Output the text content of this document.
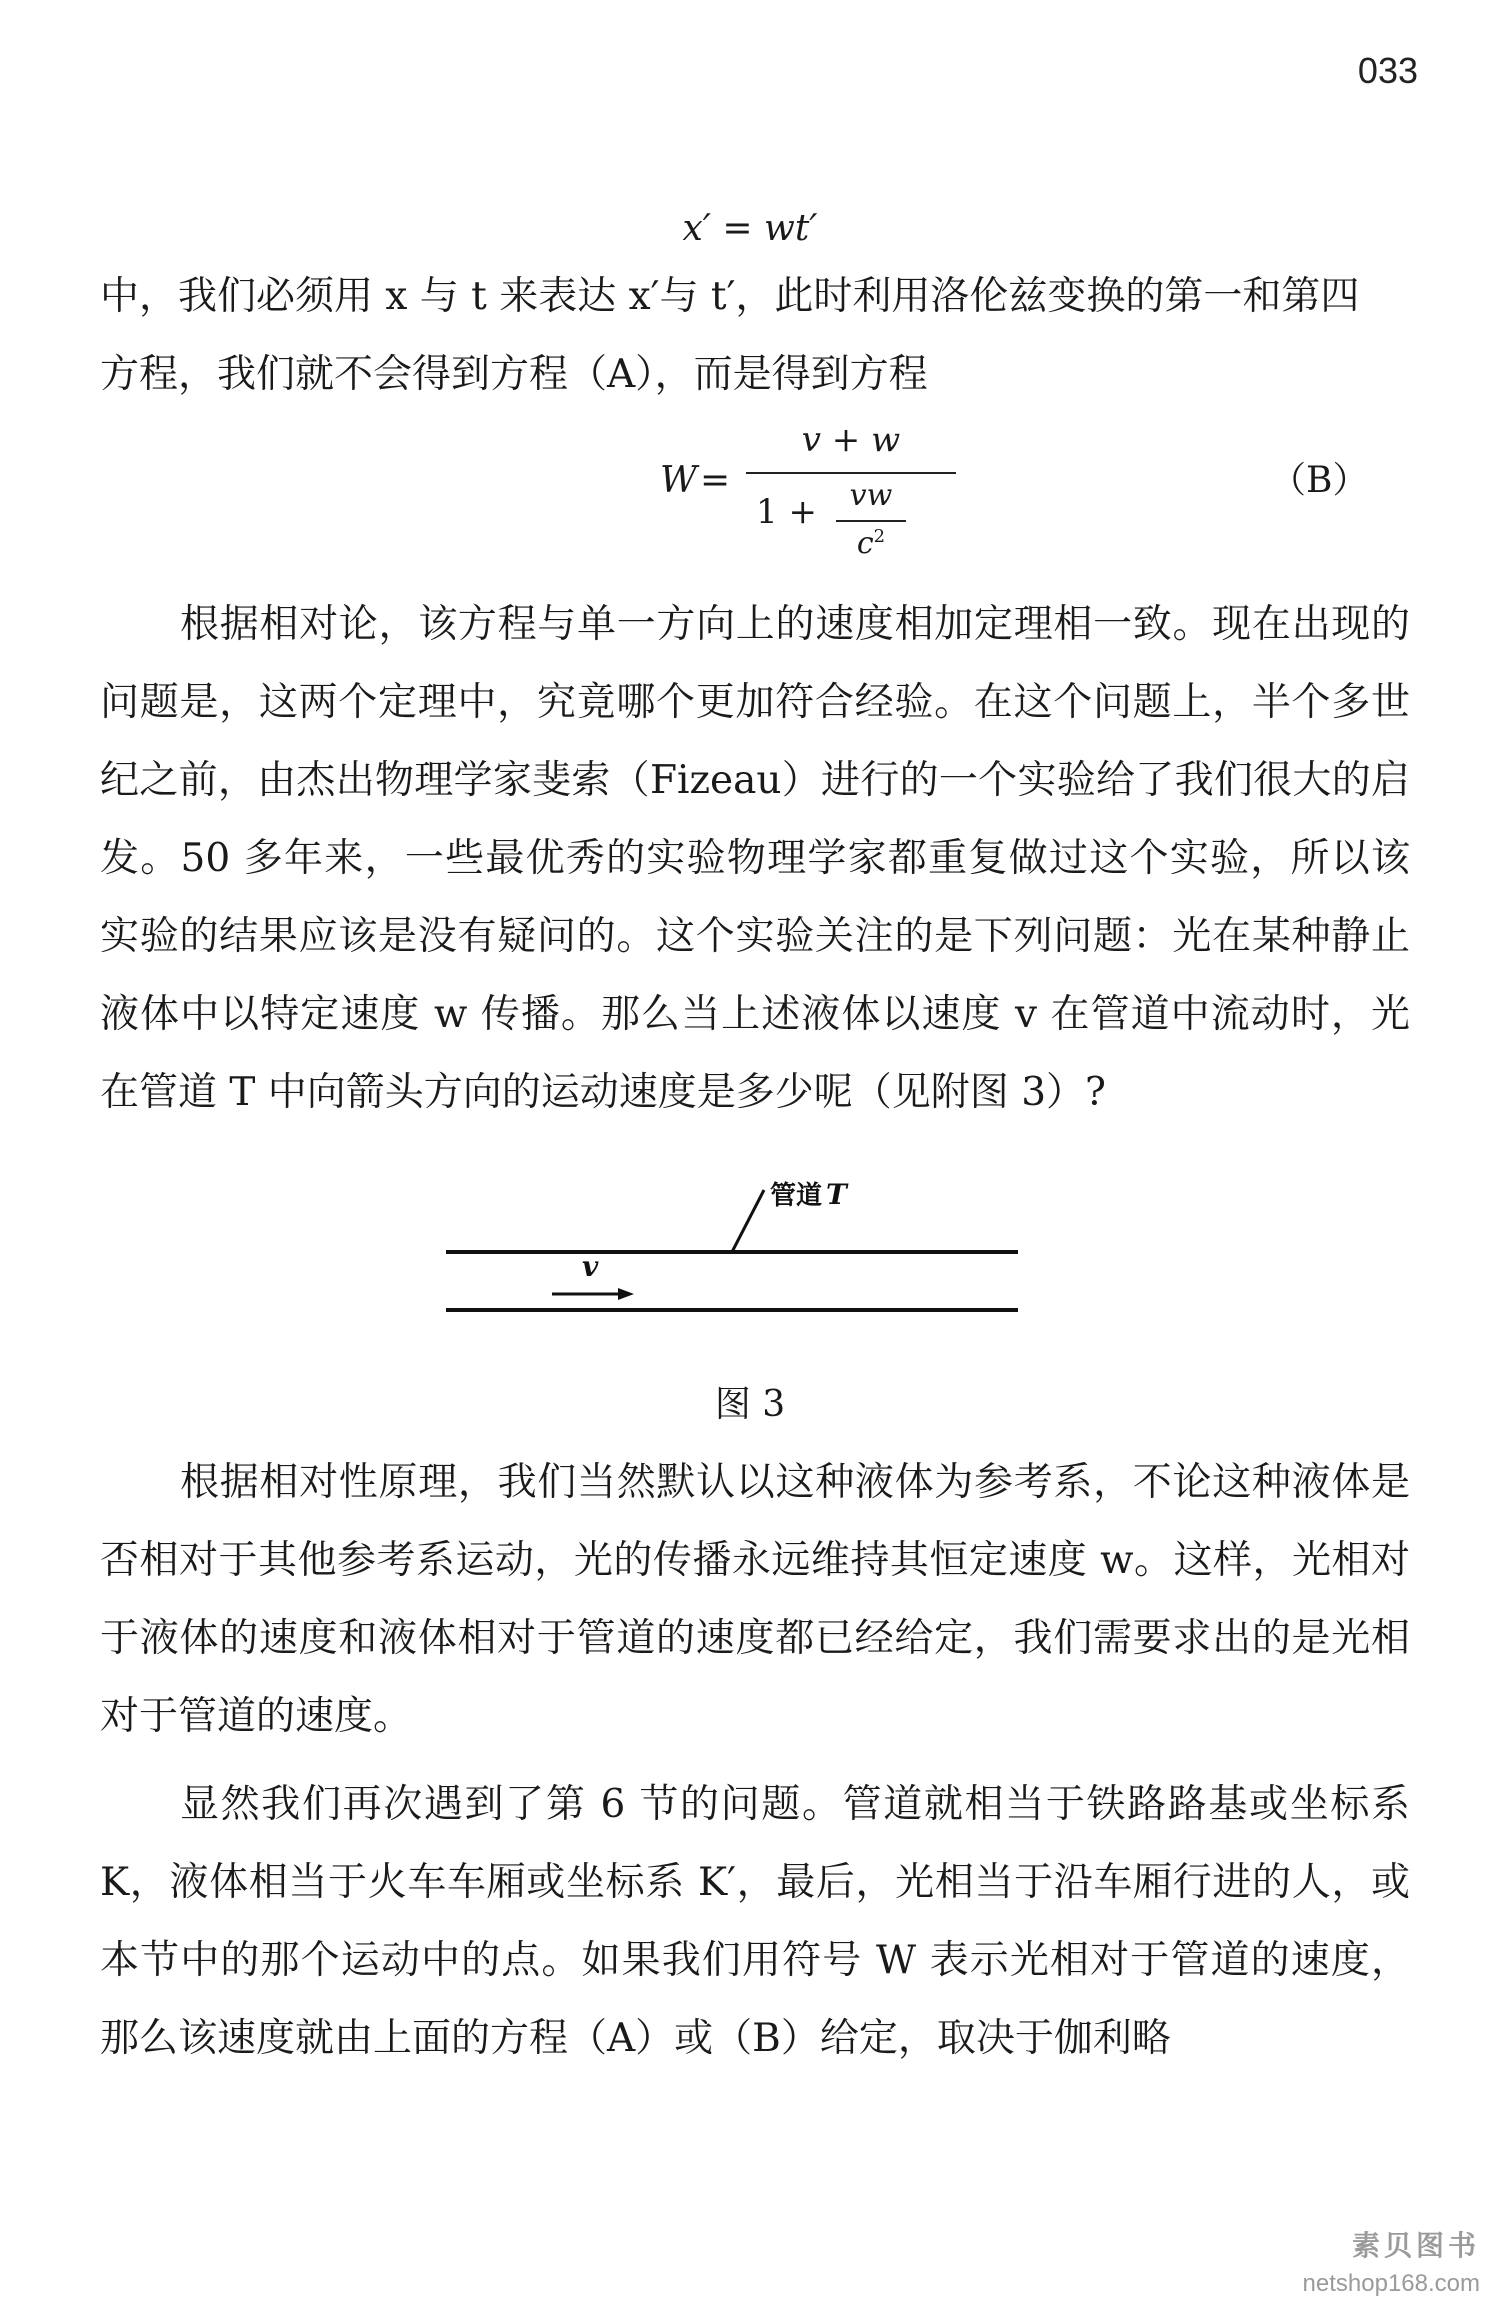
033
x′ = wt′

中，我们必须用 x 与 t 来表达 x′与 t′，此时利用洛伦兹变换的第一和第四

方程，我们就不会得到方程（A），而是得到方程

W =
v + w
1 +	vw
$c^2$
（B）

根据相对论，该方程与单一方向上的速度相加定理相一致。现在出现的问题是，这两个定理中，究竟哪个更加符合经验。在这个问题上，半个多世纪之前，由杰出物理学家斐索（Fizeau）进行的一个实验给了我们很大的启发。50 多年来，一些最优秀的实验物理学家都重复做过这个实验，所以该实验的结果应该是没有疑问的。这个实验关注的是下列问题：光在某种静止液体中以特定速度 w 传播。那么当上述液体以速度 v 在管道中流动时，光在管道 T 中向箭头方向的运动速度是多少呢（见附图 3）?

管道 T
v
图 3

根据相对性原理，我们当然默认以这种液体为参考系，不论这种液体是否相对于其他参考系运动，光的传播永远维持其恒定速度 w。这样，光相对于液体的速度和液体相对于管道的速度都已经给定，我们需要求出的是光相对于管道的速度。

显然我们再次遇到了第 6 节的问题。管道就相当于铁路路基或坐标系 K，液体相当于火车车厢或坐标系 K′，最后，光相当于沿车厢行进的人，或本节中的那个运动中的点。如果我们用符号 W 表示光相对于管道的速度，那么该速度就由上面的方程（A）或（B）给定，取决于伽利略

素贝图书
netshop168.com
